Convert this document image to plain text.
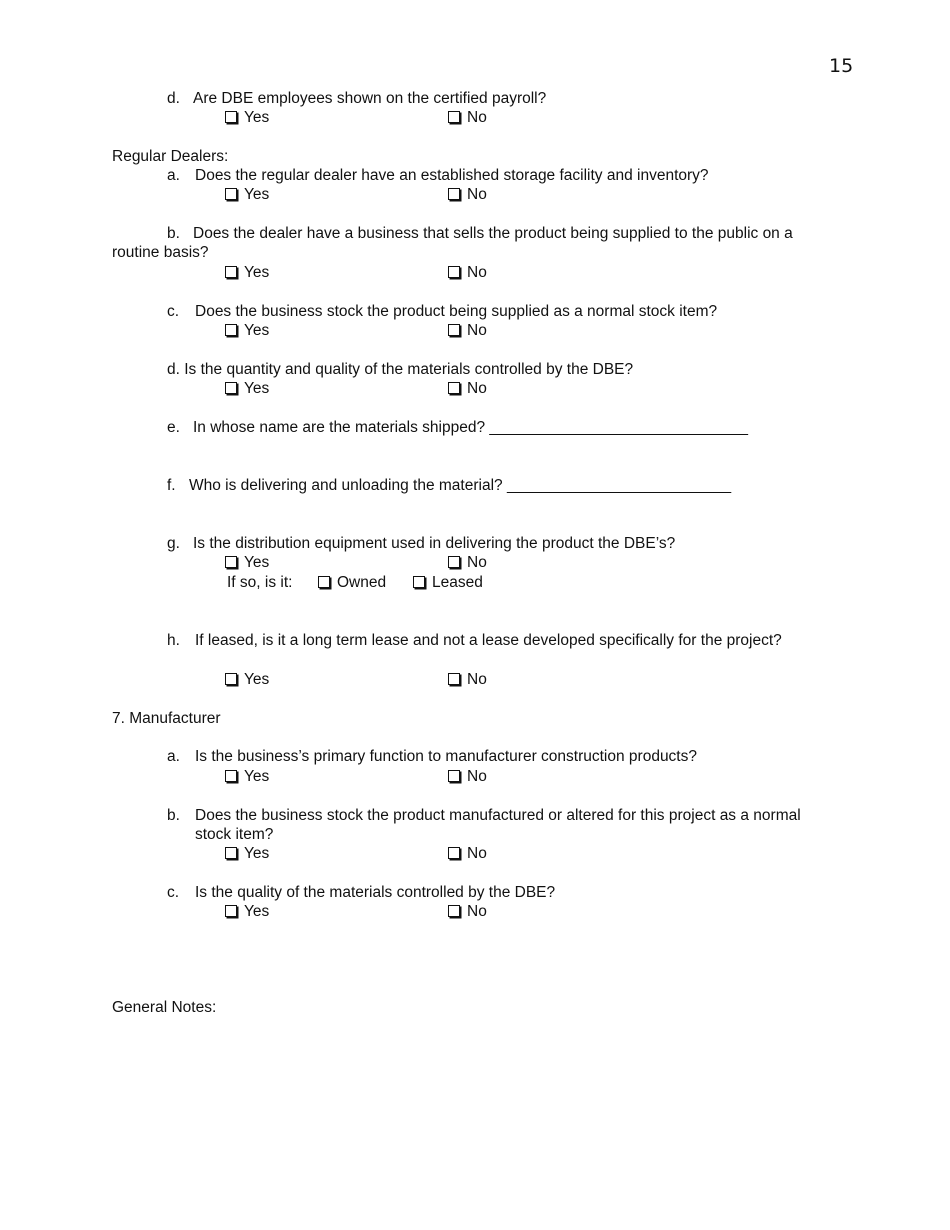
15
d. Are DBE employees shown on the certified payroll?
Yes	No
Regular Dealers:
a. Does the regular dealer have an established storage facility and inventory?
Yes	No
b. Does the dealer have a business that sells the product being supplied to the public on a
routine basis?
Yes	No
c. Does the business stock the product being supplied as a normal stock item?
Yes	No
d. Is the quantity and quality of the materials controlled by the DBE?
Yes	No
e. In whose name are the materials shipped? ______________________________
f. Who is delivering and unloading the material? __________________________
g. Is the distribution equipment used in delivering the product the DBE’s?
Yes	No
If so, is it:	Owned	Leased
h. If leased, is it a long term lease and not a lease developed specifically for the project?
Yes	No
7. Manufacturer
a. Is the business’s primary function to manufacturer construction products?
Yes	No
b. Does the business stock the product manufactured or altered for this project as a normal
stock item?
Yes	No
c. Is the quality of the materials controlled by the DBE?
Yes	No
General Notes:
